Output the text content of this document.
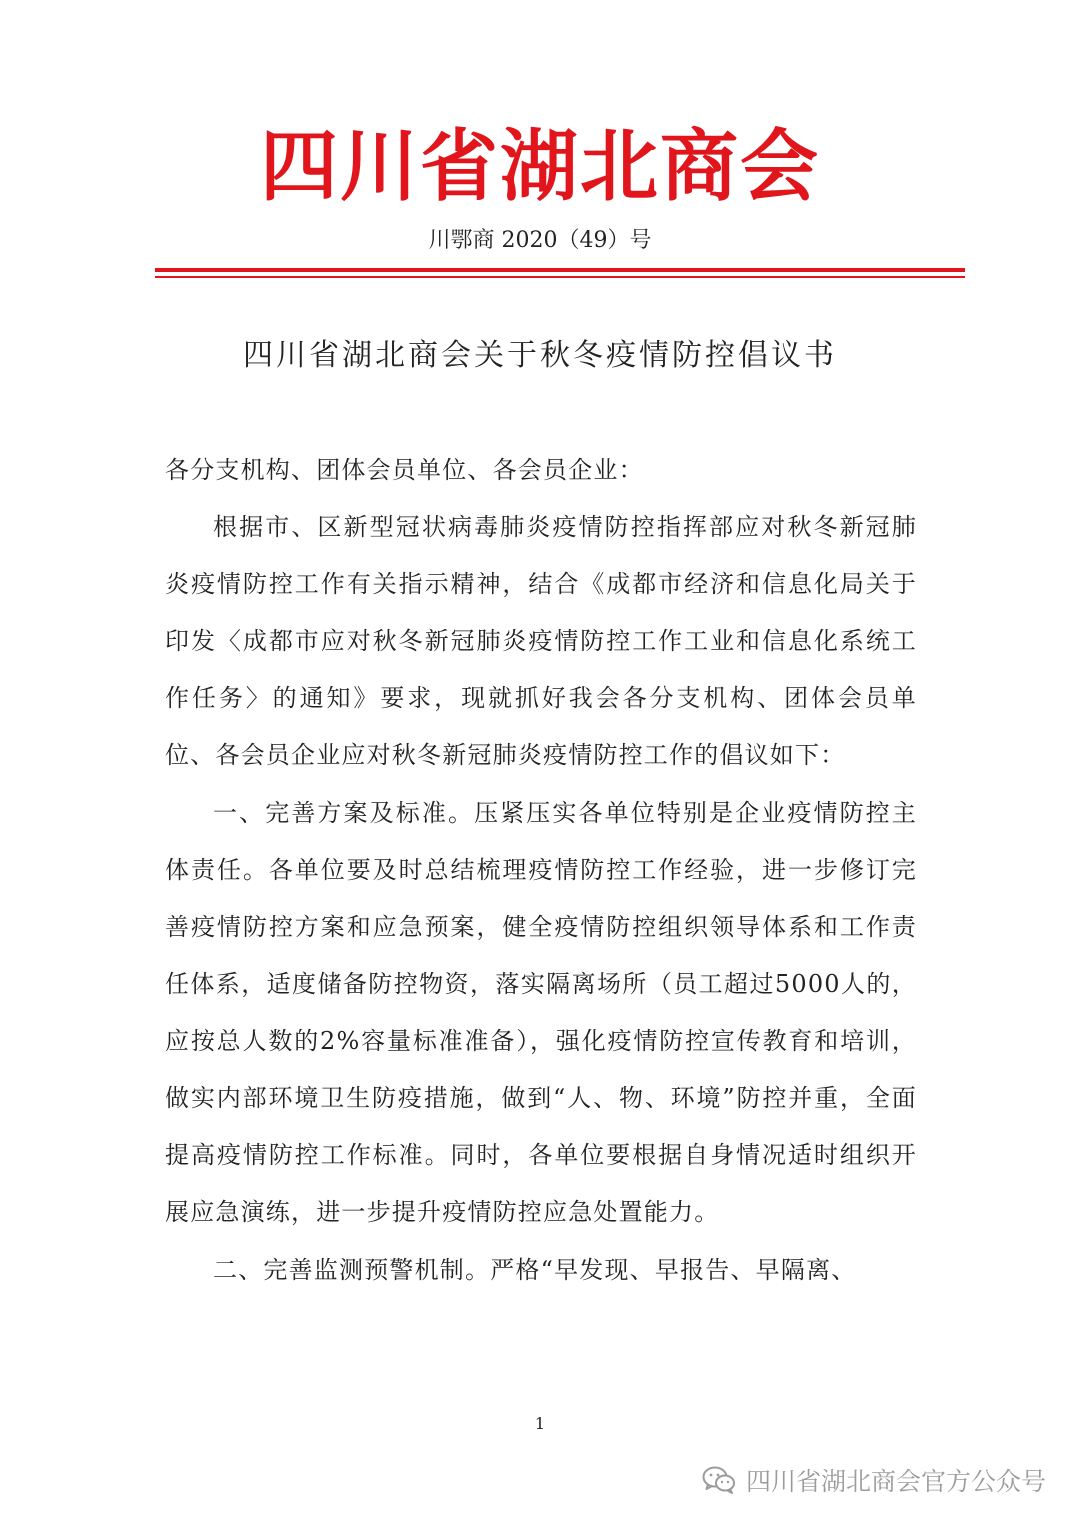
四川省湖北商会
川鄂商 2020（49）号
四川省湖北商会关于秋冬疫情防控倡议书

各分支机构、团体会员单位、各会员企业：

根据市、区新型冠状病毒肺炎疫情防控指挥部应对秋冬新冠肺炎疫情防控工作有关指示精神，结合《成都市经济和信息化局关于印发〈成都市应对秋冬新冠肺炎疫情防控工作工业和信息化系统工作任务〉的通知》要求，现就抓好我会各分支机构、团体会员单位、各会员企业应对秋冬新冠肺炎疫情防控工作的倡议如下：

一、完善方案及标准。压紧压实各单位特别是企业疫情防控主体责任。各单位要及时总结梳理疫情防控工作经验，进一步修订完善疫情防控方案和应急预案，健全疫情防控组织领导体系和工作责任体系，适度储备防控物资，落实隔离场所（员工超过5000人的，应按总人数的2%容量标准准备），强化疫情防控宣传教育和培训，做实内部环境卫生防疫措施，做到“人、物、环境”防控并重，全面提高疫情防控工作标准。同时，各单位要根据自身情况适时组织开展应急演练，进一步提升疫情防控应急处置能力。

二、完善监测预警机制。严格“早发现、早报告、早隔离、

1
四川省湖北商会官方公众号
